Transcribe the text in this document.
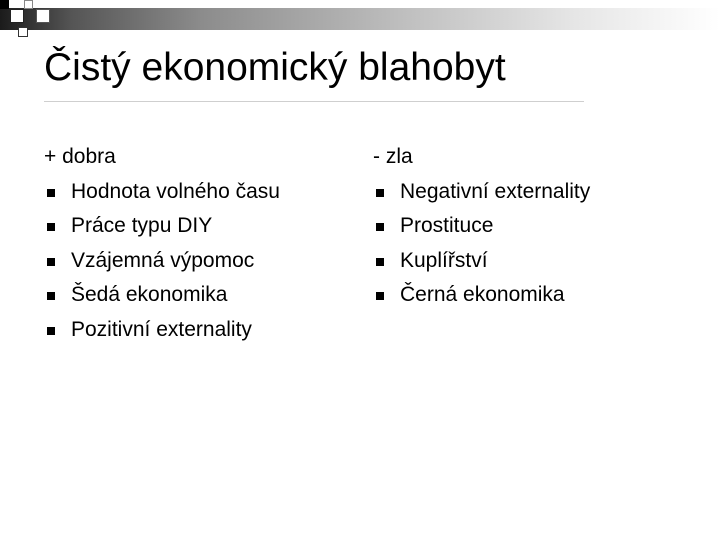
Čistý ekonomický blahobyt
+ dobra
Hodnota volného času
Práce typu DIY
Vzájemná výpomoc
Šedá ekonomika
Pozitivní externality
- zla
Negativní externality
Prostituce
Kuplířství
Černá ekonomika
